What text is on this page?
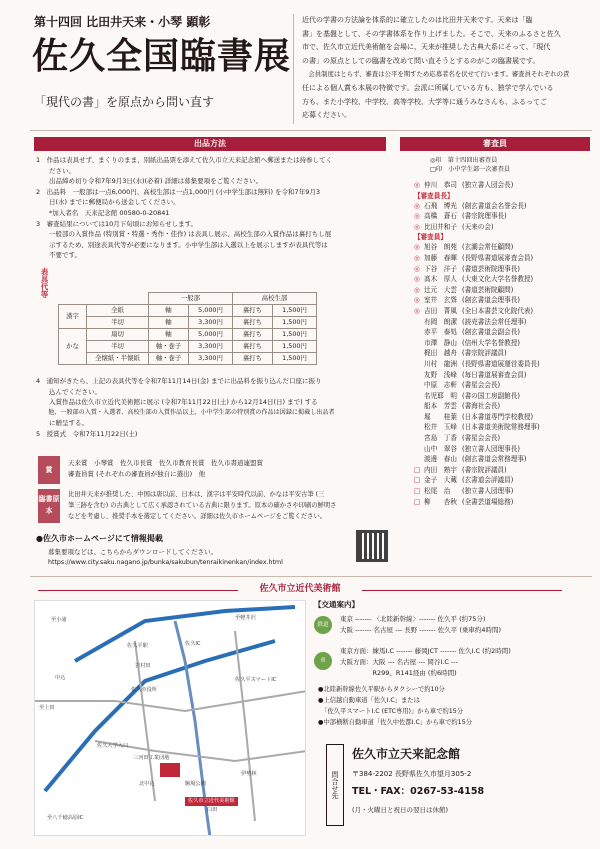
第十四回 比田井天来・小琴 顕彰
佐久全国臨書展
「現代の書」を原点から問い直す
近代の学書の方法論を体系的に確立したのは比田井天来です。天来は「臨
書」を基盤として、その学書体系を作り上げました。そこで、天来のふるさと佐久
市で、佐久市立近代美術館を会場に、天来が推奨した古典大系にそって、「現代
の書」の原点としての臨書を改めて問い直そうとするのがこの臨書展です。
　会員制度はとらず、審査は公平を期すため応募者名を伏せて行います。審査員それぞれの責
任による個人賞も本展の特徴です。会派に所属している方も、独学で学んでいる
方も、また小学校、中学校、高等学校、大学等に通うみなさんも、ふるってご
応募ください。
出品方法
1　作品は表具せず、まくりのまま、別紙出品票を添えて佐久市立天来記念館へ郵送または持参してく
　　ださい。
　　出品締め切り令和7年9月3日(水)(必着) 詳細は募集要項をご覧ください。
2　出品料　一般部は一点6,000円、高校生部は一点1,000円 (小中学生部は無料) を令和7年9月3
　　日(水) までに郵便局から送金してください。
　　*加入者名　天来記念館 00580-0-20841
3　審査結果については10月下旬頃にお知らせします。
　　一般部の入賞作品 (特別賞・特選・秀作・佳作) は表具し展示、高校生部の入賞作品は裏打ちし展
　　示するため、別途表具代等が必要になります。小中学生部は入選以上を展示しますが表具代等は
　　不要です。
表具代等
		一般部		高校生部	
漢字	全紙	軸	5,000円	裏打ち	1,500円
	半切	軸	3,300円	裏打ち	1,500円
かな	扇切	軸	5,000円	裏打ち	1,500円
	半切	軸・巻子	3,300円	裏打ち	1,500円
	全懐紙・半懐紙	軸・巻子	3,300円	裏打ち	1,500円
4　通知がきたら、上記の表具代等を令和7年11月14日(金) までに出品料を振り込んだ口座に振り
　　込んでください。
　　入賞作品は佐久市立近代美術館に展示 (令和7年11月22日(土) から12月14日(日) まで) する
　　他、一般部の入賞・入選者、高校生部の入賞作品以上、小中学生部の特別賞の作品は図録に掲載し出品者
　　に贈呈する。
5　授賞式　令和7年11月22日(土)
賞
天来賞　小琴賞　佐久市長賞　佐久市教育長賞　佐久市書道連盟賞
審査員賞 (それぞれの審査員が独自に選出)　他
臨書原本
比田井天来が推奨した、中国は唐以前、日本は、漢字は平安時代以前、かなは平安古筆 (三
筆三跡を含む) の古典として広く承認されている古典に限ります。原本の確かさや印刷の鮮明さ
などを考慮し、推奨手本を選定してください。詳細は佐久市ホームページをご覧ください。
●佐久市ホームページにて情報掲載
募集要項などは、こちらからダウンロードしてください。
https://www.city.saku.nagano.jp/bunka/sakubun/tenraikinenkan/index.html
審査員
◎印　第十四回出審査員
□印　小中学生部一次審査員
◎ 仲川　恭司 (独立書人団会長)
【審査員長】
◎ 石飛　博光 (創玄書道会名誉会長)
◎ 高橋　蒼石 (書宗院理事長)
◎ 比田井和子 (天来の会)
【審査員】
◎ 旭谷　朗苑 (玄潮会常任顧問)
◎ 加藤　春暉 (長野県書道展審査会員)
◎ 下谷　洋子 (書道芸術院理事長)
◎ 髙木　厚人 (大東文化大学名誉教授)
◎ 辻元　大雲 (書道芸術院顧問)
◎ 室井　玄聳 (創玄書道会理事長)
◎ 吉田　菁風 (全日本書芸文化院代表)
有岡　朗潔 (読売書法会常任理事)
赤平　泰処 (創玄書道会副会長)
市澤　静山 (信州大学名誉教授)
梶田　越舟 (書宗院評議員)
川村　龍洲 (長野県書道展運営委員長)
友野　浅峰 (毎日書道展審査会員)
中原　志軒 (書星会会長)
名児耶　明 (書の国工房副館長)
船本　芳雲 (書海社会長)
堀　　桂葉 (日本書道専門学校教授)
松井　玉峰 (日本書道美術院常務理事)
宮島　丁香 (書星会会長)
山中　翠谷 (独立書人団理事長)
渡邊　春山 (創玄書道会常務理事)
□ 内田　熟宇 (書宗院評議員)
□ 金子　大蔵 (玄書道会評議員)
□ 松尾　治	(独立書人団理事)
□ 柳　　杏秋 (全書芸道場総務)
佐久市立近代美術館
至小諸
佐久平駅
至軽井沢
佐久IC
佐久平スマートIC
中込
至上田
佐久市役所
岩村田
三河田工業団地
北中込	駒場公園
至八千穂高原IC
臼田
伊勢林
佐久大学入口
佐久市立近代美術館
【交通案内】
鉄道
東京 ------- 〈北陸新幹線〉------- 佐久平 (約75分)
大阪 ------- 名古屋 --- 長野 ------- 佐久平 (乗車約4時間)
車
東京方面：練馬I.C ------- 藤岡JCT ------- 佐久I.C (約2時間)
大阪方面：大阪 --- 名古屋 --- 岡谷I.C ---
　　　　　R299、R141経由 (約6時間)
●北陸新幹線佐久平駅からタクシーで約10分
●上信越自動車道「佐久I.C」または
　「佐久平スマートI.C (ETC専用)」から車で約15分
●中部横断自動車道「佐久中佐都I.C」から車で約15分
問合せ先
佐久市立天来記念館
〒384-2202 長野県佐久市望月305-2
TEL・FAX：0267-53-4158
(月・火曜日と祝日の翌日は休館)
